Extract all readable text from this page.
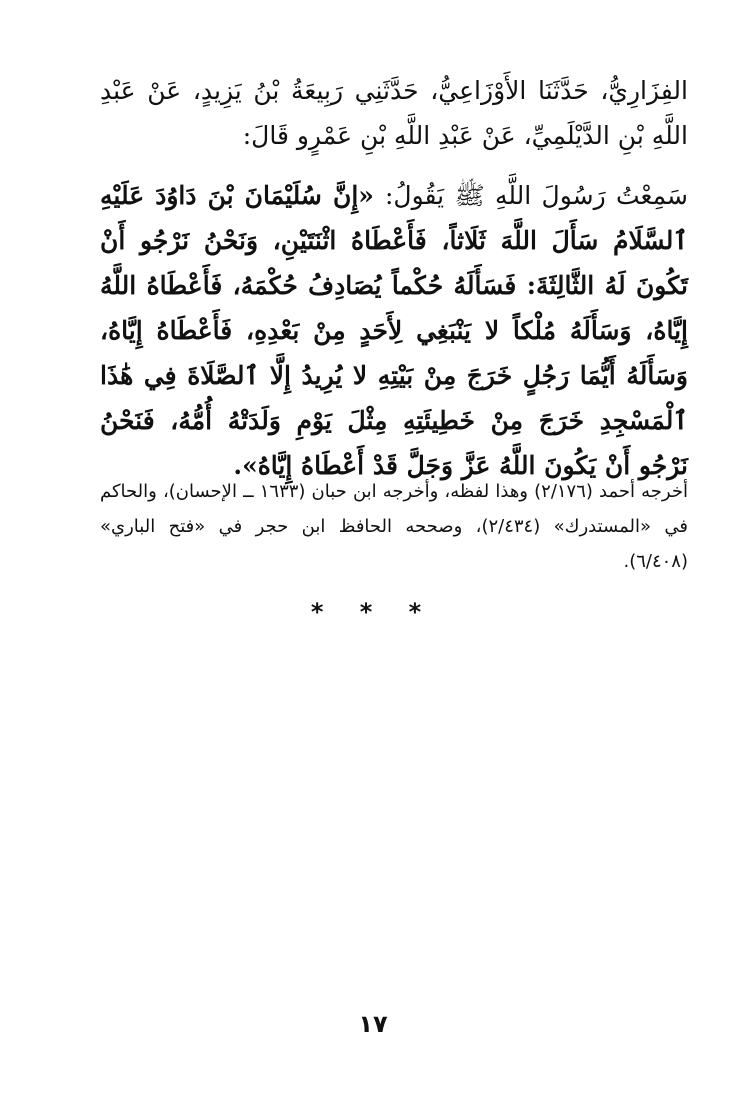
الفِزَارِيُّ، حَدَّثَنَا الأَوْزَاعِيُّ، حَدَّثَنِي رَبِيعَةُ بْنُ يَزِيدٍ، عَنْ عَبْدِ اللَّهِ بْنِ الدَّيْلَمِيِّ، عَنْ عَبْدِ اللَّهِ بْنِ عَمْرٍو قَالَ:

سَمِعْتُ رَسُولَ اللَّهِ ﷺ يَقُولُ: «إِنَّ سُلَيْمَانَ بْنَ دَاوُدَ عَلَيْهِ ٱلسَّلَامُ سَأَلَ اللَّهَ ثَلَاثاً، فَأَعْطَاهُ اثْنَتَيْنِ، وَنَحْنُ نَرْجُو أَنْ تَكُونَ لَهُ الثَّالِثَةَ: فَسَأَلَهُ حُكْماً يُصَادِفُ حُكْمَهُ، فَأَعْطَاهُ اللَّهُ إِيَّاهُ، وَسَأَلَهُ مُلْكاً لا يَنْبَغِي لِأَحَدٍ مِنْ بَعْدِهِ، فَأَعْطَاهُ إِيَّاهُ، وَسَأَلَهُ أَيُّمَا رَجُلٍ خَرَجَ مِنْ بَيْتِهِ لا يُرِيدُ إِلَّا ٱلصَّلَاةَ فِي هَٰذَا ٱلْمَسْجِدِ خَرَجَ مِنْ خَطِيئَتِهِ مِثْلَ يَوْمِ وَلَدَتْهُ أُمُّهُ، فَنَحْنُ نَرْجُو أَنْ يَكُونَ اللَّهُ عَزَّ وَجَلَّ قَدْ أَعْطَاهُ إِيَّاهُ».

أخرجه أحمد (٢/١٧٦) وهذا لفظه، وأخرجه ابن حبان (١٦٣٣ ــ الإحسان)، والحاكم في «المستدرك» (٢/٤٣٤)، وصححه الحافظ ابن حجر في «فتح الباري» (٦/٤٠٨).

* * *
١٧
